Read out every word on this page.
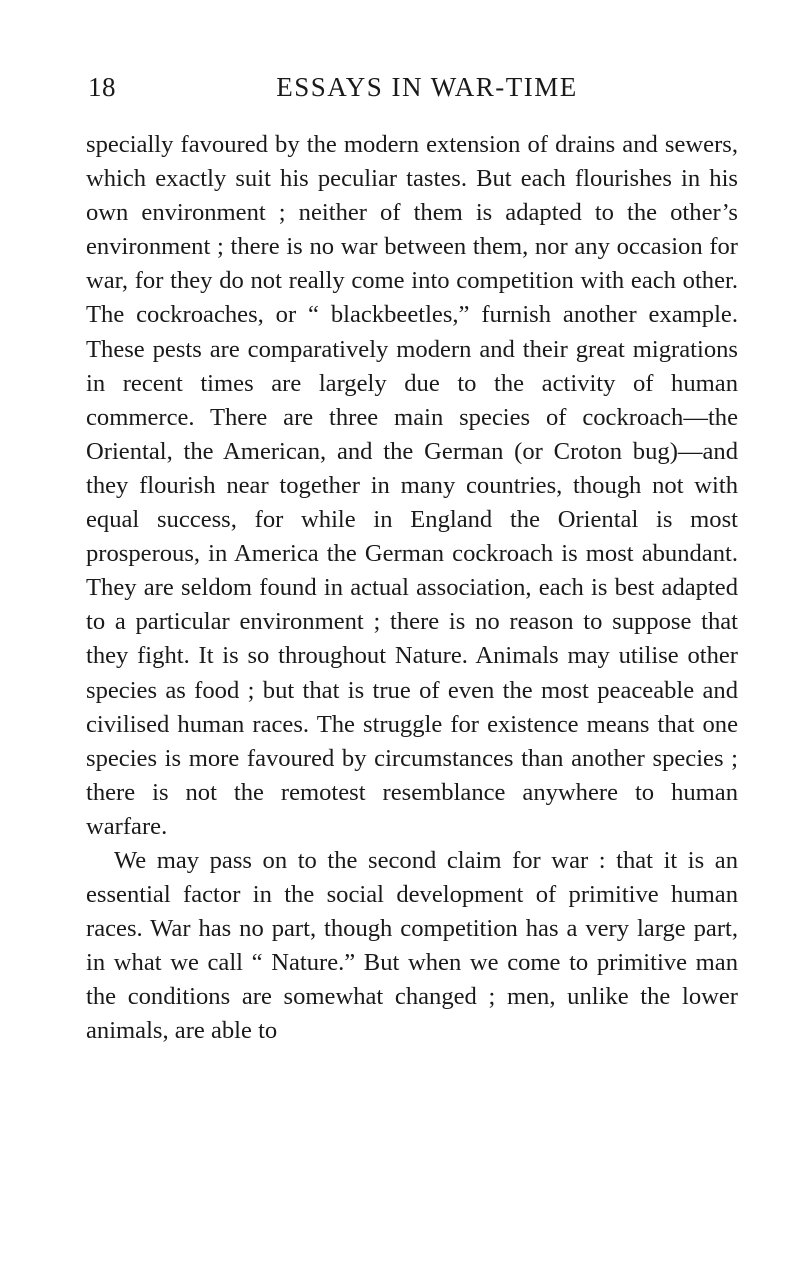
18	ESSAYS IN WAR-TIME

specially favoured by the modern extension of drains and sewers, which exactly suit his peculiar tastes. But each flourishes in his own environment ; neither of them is adapted to the other’s environment ; there is no war between them, nor any occasion for war, for they do not really come into competition with each other. The cockroaches, or “ blackbeetles,” furnish another example. These pests are comparatively modern and their great migrations in recent times are largely due to the activity of human commerce. There are three main species of cockroach—the Oriental, the American, and the German (or Croton bug)—and they flourish near together in many countries, though not with equal success, for while in England the Oriental is most prosperous, in America the German cockroach is most abundant. They are seldom found in actual association, each is best adapted to a particular environment ; there is no reason to suppose that they fight. It is so throughout Nature. Animals may utilise other species as food ; but that is true of even the most peaceable and civilised human races. The struggle for existence means that one species is more favoured by circumstances than another species ; there is not the remotest resemblance anywhere to human warfare.

We may pass on to the second claim for war : that it is an essential factor in the social development of primitive human races. War has no part, though competition has a very large part, in what we call “ Nature.” But when we come to primitive man the conditions are somewhat changed ; men, unlike the lower animals, are able to
